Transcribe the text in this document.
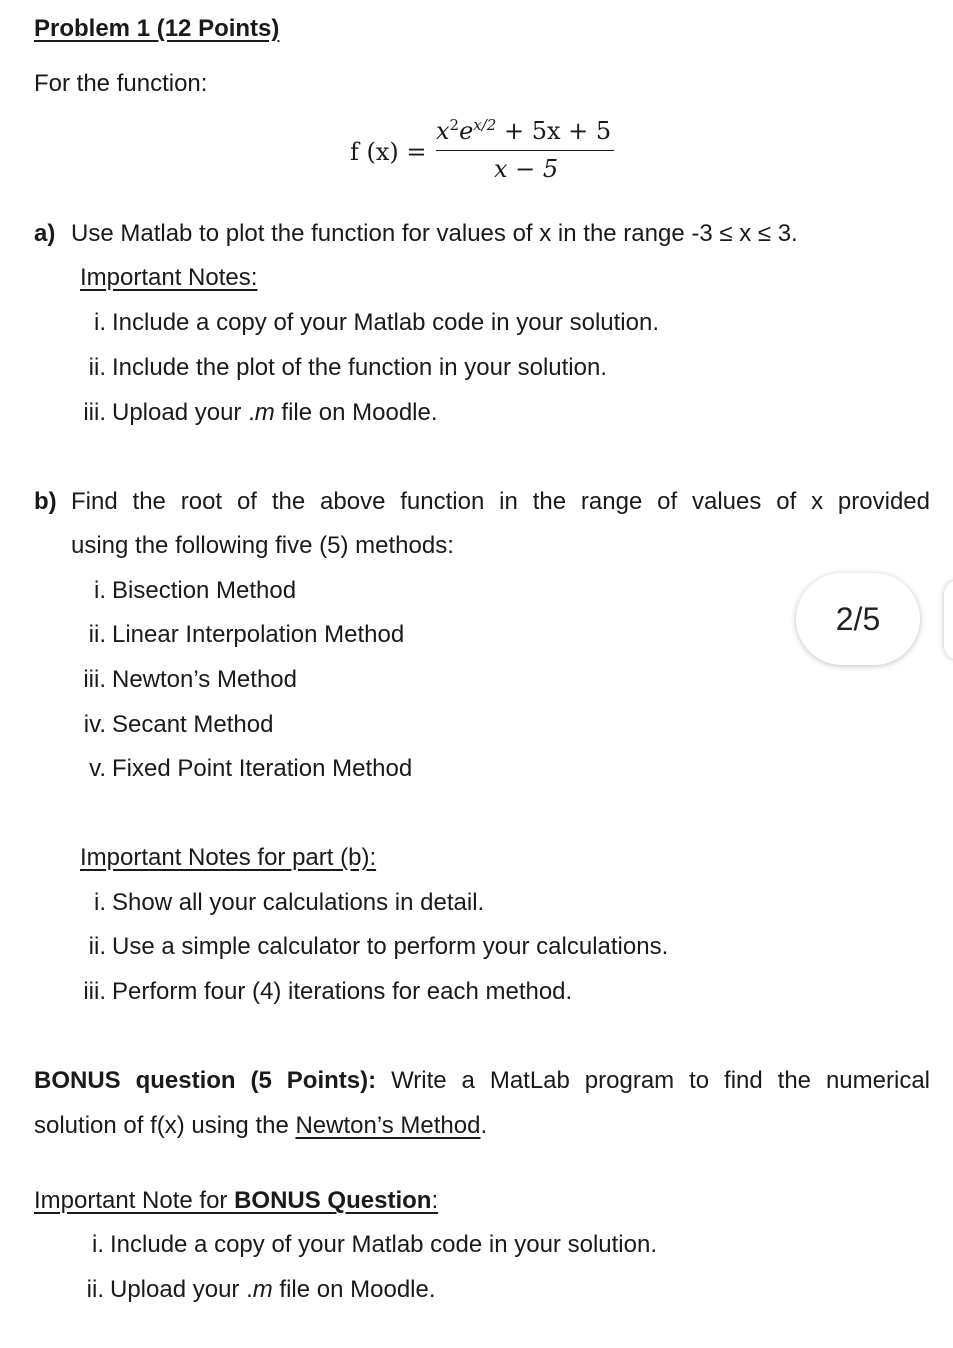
Problem 1 (12 Points)
For the function:
f (x) =
$x^2e^{x/2} + 5x + 5$
x − 5
a) Use Matlab to plot the function for values of x in the range -3 ≤ x ≤ 3.
Important Notes:
i. Include a copy of your Matlab code in your solution.
ii. Include the plot of the function in your solution.
iii. Upload your .m file on Moodle.
b) Find the root of the above function in the range of values of x provided
using the following five (5) methods:
i. Bisection Method
ii. Linear Interpolation Method
iii. Newton’s Method
iv. Secant Method
v. Fixed Point Iteration Method
Important Notes for part (b):
i. Show all your calculations in detail.
ii. Use a simple calculator to perform your calculations.
iii. Perform four (4) iterations for each method.
BONUS question (5 Points): Write a MatLab program to find the numerical
solution of f(x) using the Newton’s Method.
Important Note for BONUS Question:
i. Include a copy of your Matlab code in your solution.
ii. Upload your .m file on Moodle.
2/5
